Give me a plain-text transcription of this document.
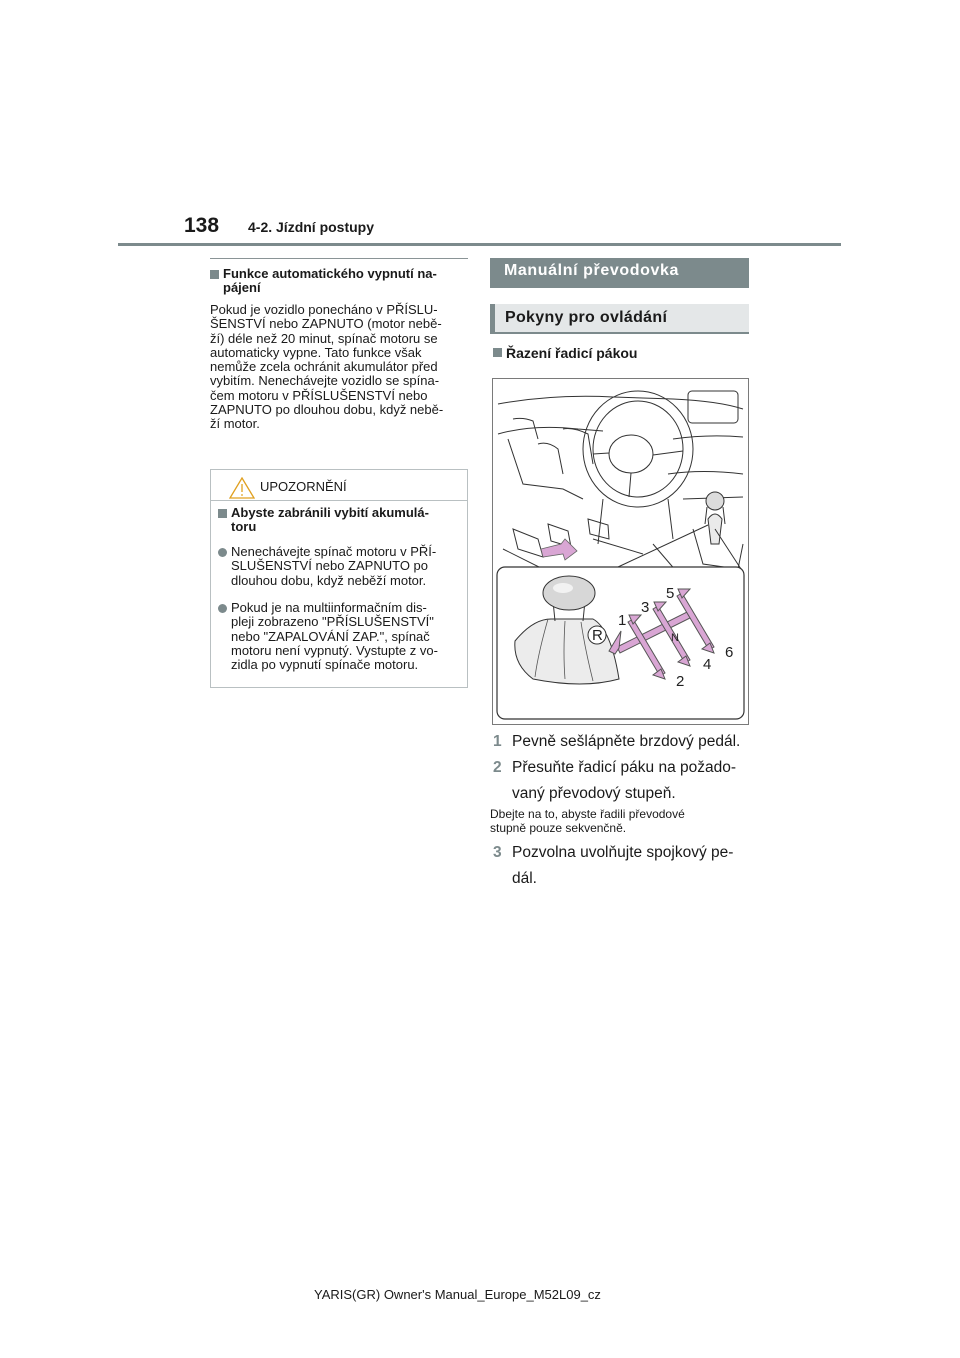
138 4-2. Jízdní postupy
Funkce automatického vypnutí na-
pájení
Pokud je vozidlo ponecháno v PŘÍSLU-
ŠENSTVÍ nebo ZAPNUTO (motor nebě-
ží) déle než 20 minut, spínač motoru se
automaticky vypne. Tato funkce však
nemůže zcela ochránit akumulátor před
vybitím. Nenechávejte vozidlo se spína-
čem motoru v PŘÍSLUŠENSTVÍ nebo
ZAPNUTO po dlouhou dobu, když nebě-
ží motor.
UPOZORNĚNÍ
Abyste zabránili vybití akumulá-
toru
Nenechávejte spínač motoru v PŘÍ-
SLUŠENSTVÍ nebo ZAPNUTO po
dlouhou dobu, když neběží motor.
Pokud je na multiinformačním dis-
pleji zobrazeno "PŘÍSLUŠENSTVÍ"
nebo "ZAPALOVÁNÍ ZAP.", spínač
motoru není vypnutý. Vystupte z vo-
zidla po vypnutí spínače motoru.
Manuální převodovka
Pokyny pro ovládání
Řazení řadicí pákou
R
1
3
5
N
2
4
6
1 Pevně sešlápněte brzdový pedál.
2 Přesuňte řadicí páku na požado-
vaný převodový stupeň.
Dbejte na to, abyste řadili převodové
stupně pouze sekvenčně.
3 Pozvolna uvolňujte spojkový pe-
dál.
YARIS(GR) Owner's Manual_Europe_M52L09_cz
